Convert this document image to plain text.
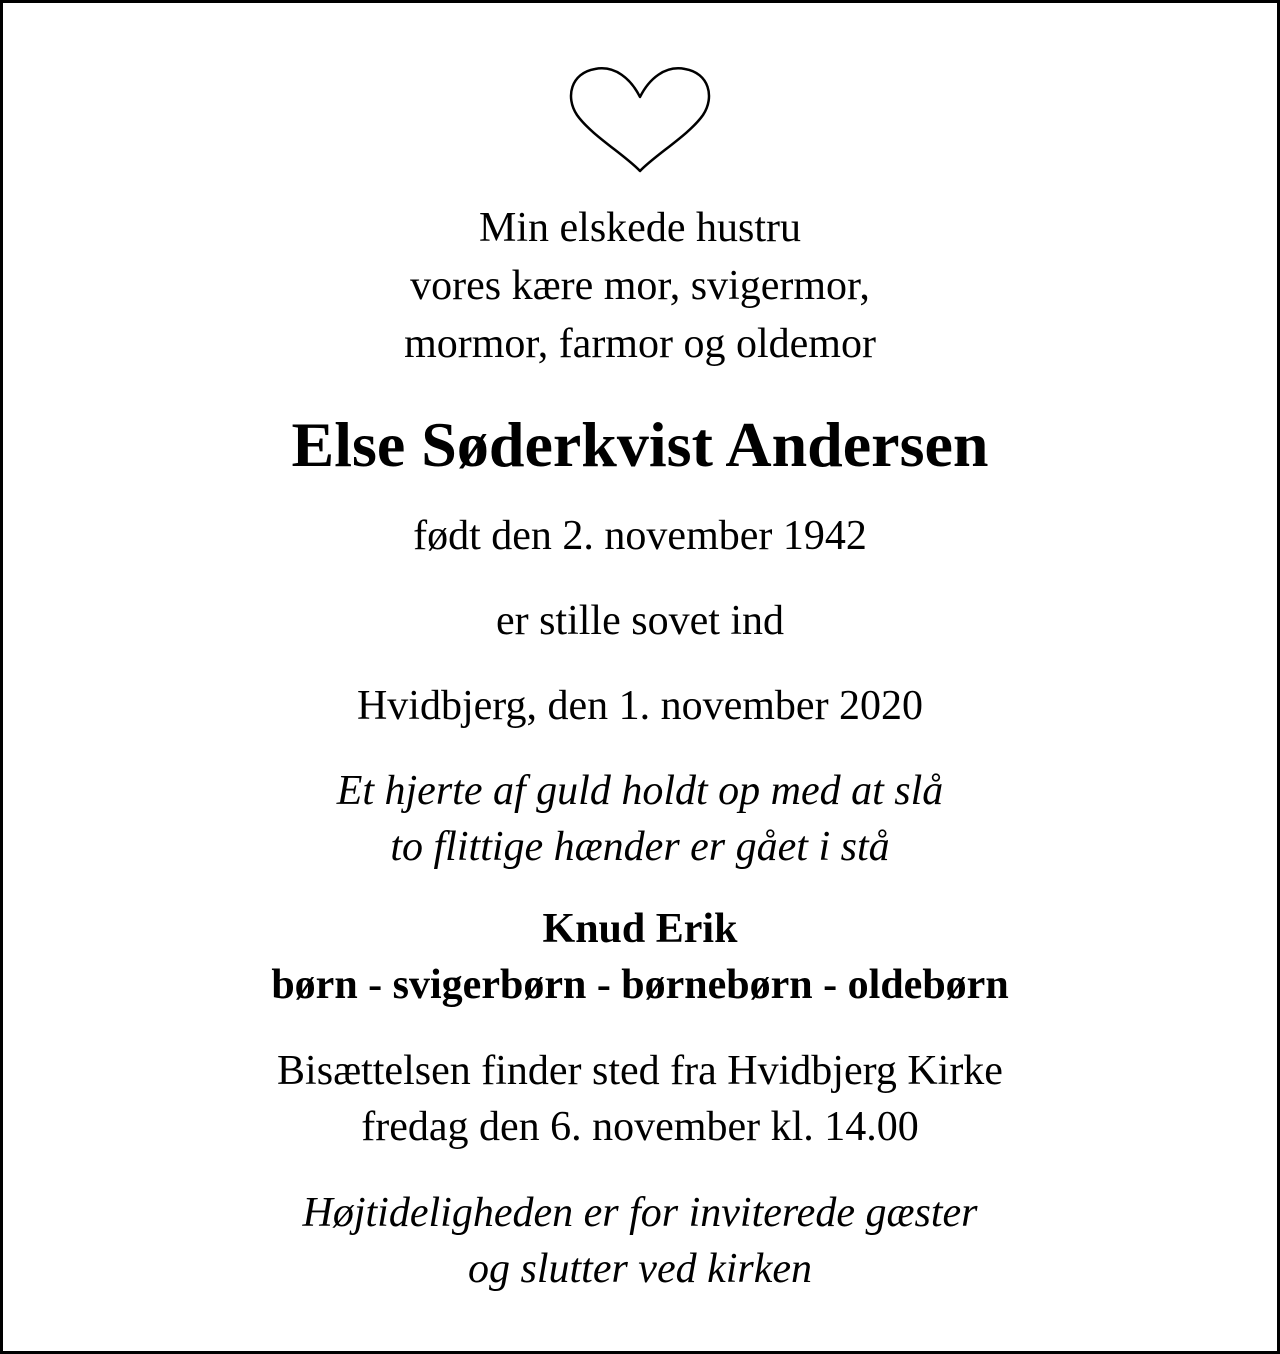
Min elskede hustru
vores kære mor, svigermor,
mormor, farmor og oldemor
Else Søderkvist Andersen
født den 2. november 1942
er stille sovet ind
Hvidbjerg, den 1. november 2020
Et hjerte af guld holdt op med at slå
to flittige hænder er gået i stå
Knud Erik
børn - svigerbørn - børnebørn - oldebørn
Bisættelsen finder sted fra Hvidbjerg Kirke
fredag den 6. november kl. 14.00
Højtideligheden er for inviterede gæster
og slutter ved kirken
